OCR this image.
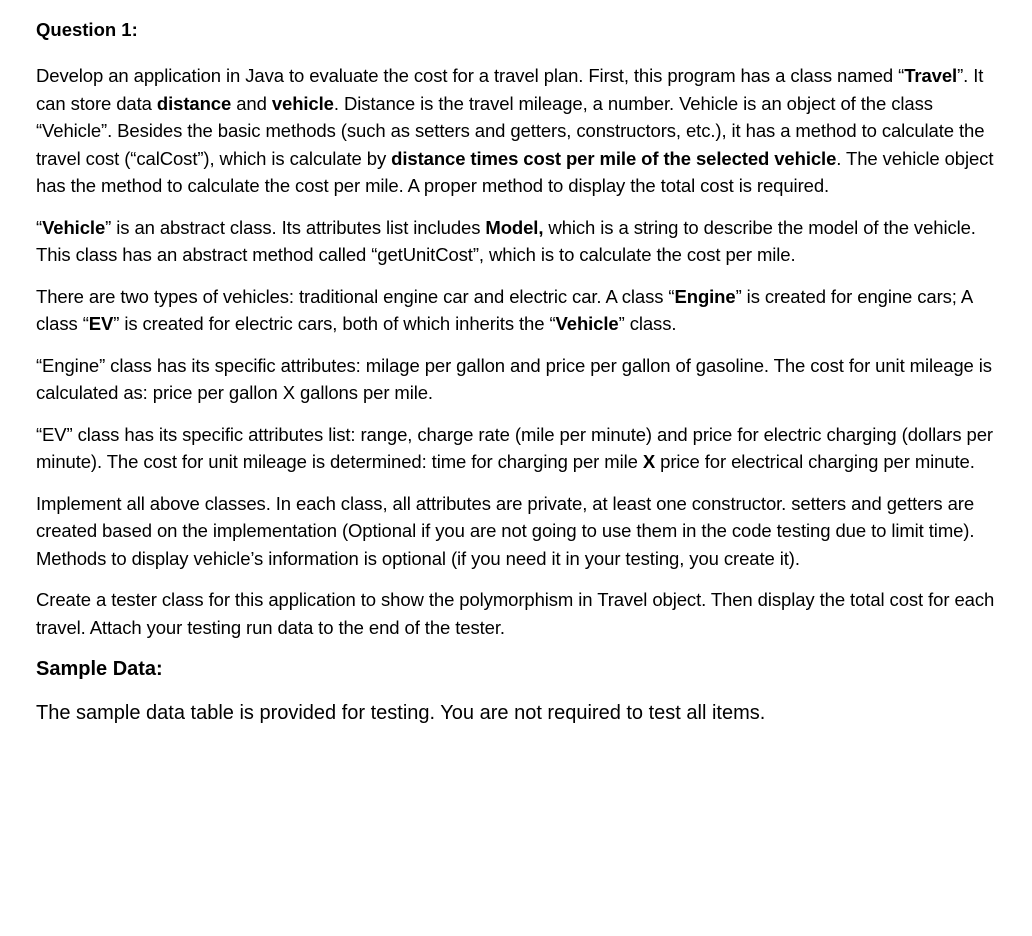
Question 1:

Develop an application in Java to evaluate the cost for a travel plan. First, this program has a class named “Travel”. It can store data distance and vehicle. Distance is the travel mileage, a number. Vehicle is an object of the class “Vehicle”. Besides the basic methods (such as setters and getters, constructors, etc.), it has a method to calculate the travel cost (“calCost”), which is calculate by distance times cost per mile of the selected vehicle. The vehicle object has the method to calculate the cost per mile. A proper method to display the total cost is required.

“Vehicle” is an abstract class. Its attributes list includes Model, which is a string to describe the model of the vehicle. This class has an abstract method called “getUnitCost”, which is to calculate the cost per mile.

There are two types of vehicles: traditional engine car and electric car. A class “Engine” is created for engine cars; A class “EV” is created for electric cars, both of which inherits the “Vehicle” class.

“Engine” class has its specific attributes: milage per gallon and price per gallon of gasoline. The cost for unit mileage is calculated as: price per gallon X gallons per mile.

“EV” class has its specific attributes list: range, charge rate (mile per minute) and price for electric charging (dollars per minute). The cost for unit mileage is determined: time for charging per mile X price for electrical charging per minute.

Implement all above classes. In each class, all attributes are private, at least one constructor. setters and getters are created based on the implementation (Optional if you are not going to use them in the code testing due to limit time). Methods to display vehicle’s information is optional (if you need it in your testing, you create it).

Create a tester class for this application to show the polymorphism in Travel object. Then display the total cost for each travel. Attach your testing run data to the end of the tester.

Sample Data:

The sample data table is provided for testing. You are not required to test all items.
